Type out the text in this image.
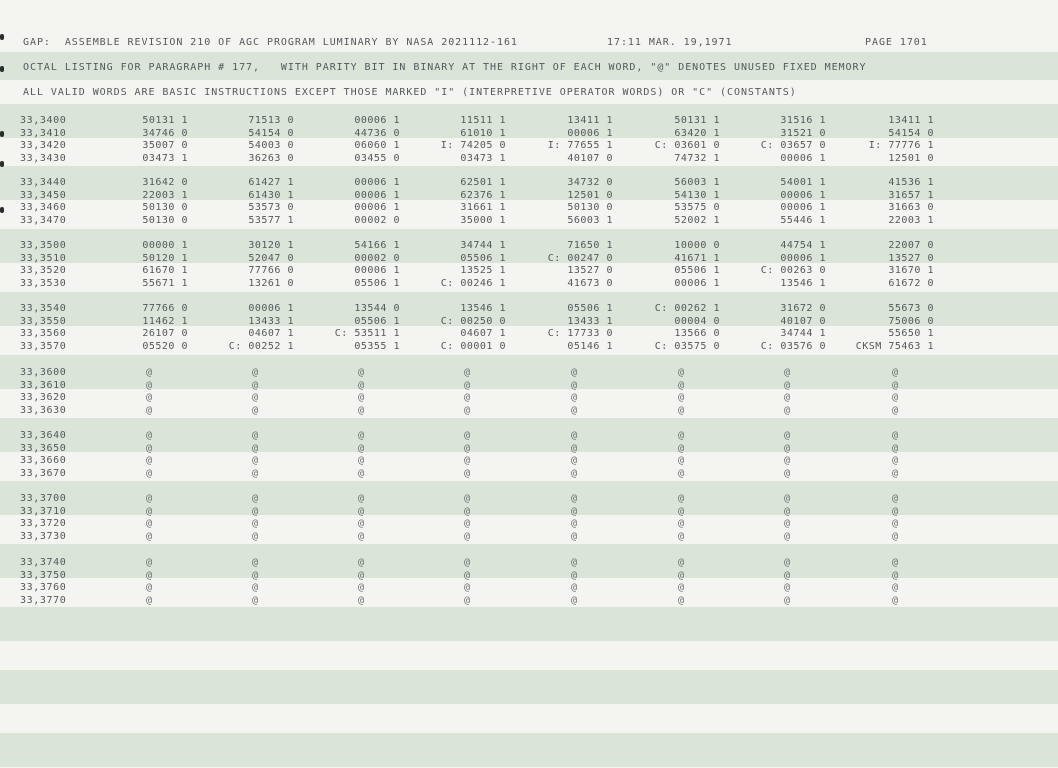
GAP:  ASSEMBLE REVISION 210 OF AGC PROGRAM LUMINARY BY NASA 2021112-161	17:11 MAR. 19,1971	PAGE 1701
OCTAL LISTING FOR PARAGRAPH # 177,   WITH PARITY BIT IN BINARY AT THE RIGHT OF EACH WORD, "@" DENOTES UNUSED FIXED MEMORY
ALL VALID WORDS ARE BASIC INSTRUCTIONS EXCEPT THOSE MARKED "I" (INTERPRETIVE OPERATOR WORDS) OR "C" (CONSTANTS)
33,3400	50131 1	71513 0	00006 1	11511 1	13411 1	50131 1	31516 1	13411 1
33,3410	34746 0	54154 0	44736 0	61010 1	00006 1	63420 1	31521 0	54154 0
33,3420	35007 0	54003 0	06060 1	I: 74205 0	I: 77655 1	C: 03601 0	C: 03657 0	I: 77776 1
33,3430	03473 1	36263 0	03455 0	03473 1	40107 0	74732 1	00006 1	12501 0
33,3440	31642 0	61427 1	00006 1	62501 1	34732 0	56003 1	54001 1	41536 1
33,3450	22003 1	61430 1	00006 1	62376 1	12501 0	54130 1	00006 1	31657 1
33,3460	50130 0	53573 0	00006 1	31661 1	50130 0	53575 0	00006 1	31663 0
33,3470	50130 0	53577 1	00002 0	35000 1	56003 1	52002 1	55446 1	22003 1
33,3500	00000 1	30120 1	54166 1	34744 1	71650 1	10000 0	44754 1	22007 0
33,3510	50120 1	52047 0	00002 0	05506 1	C: 00247 0	41671 1	00006 1	13527 0
33,3520	61670 1	77766 0	00006 1	13525 1	13527 0	05506 1	C: 00263 0	31670 1
33,3530	55671 1	13261 0	05506 1	C: 00246 1	41673 0	00006 1	13546 1	61672 0
33,3540	77766 0	00006 1	13544 0	13546 1	05506 1	C: 00262 1	31672 0	55673 0
33,3550	11462 1	13433 1	05506 1	C: 00250 0	13433 1	00004 0	40107 0	75006 0
33,3560	26107 0	04607 1	C: 53511 1	04607 1	C: 17733 0	13566 0	34744 1	55650 1
33,3570	05520 0	C: 00252 1	05355 1	C: 00001 0	05146 1	C: 03575 0	C: 03576 0	CKSM 75463 1
33,3600	@	@	@	@	@	@	@	@
33,3610	@	@	@	@	@	@	@	@
33,3620	@	@	@	@	@	@	@	@
33,3630	@	@	@	@	@	@	@	@
33,3640	@	@	@	@	@	@	@	@
33,3650	@	@	@	@	@	@	@	@
33,3660	@	@	@	@	@	@	@	@
33,3670	@	@	@	@	@	@	@	@
33,3700	@	@	@	@	@	@	@	@
33,3710	@	@	@	@	@	@	@	@
33,3720	@	@	@	@	@	@	@	@
33,3730	@	@	@	@	@	@	@	@
33,3740	@	@	@	@	@	@	@	@
33,3750	@	@	@	@	@	@	@	@
33,3760	@	@	@	@	@	@	@	@
33,3770	@	@	@	@	@	@	@	@
